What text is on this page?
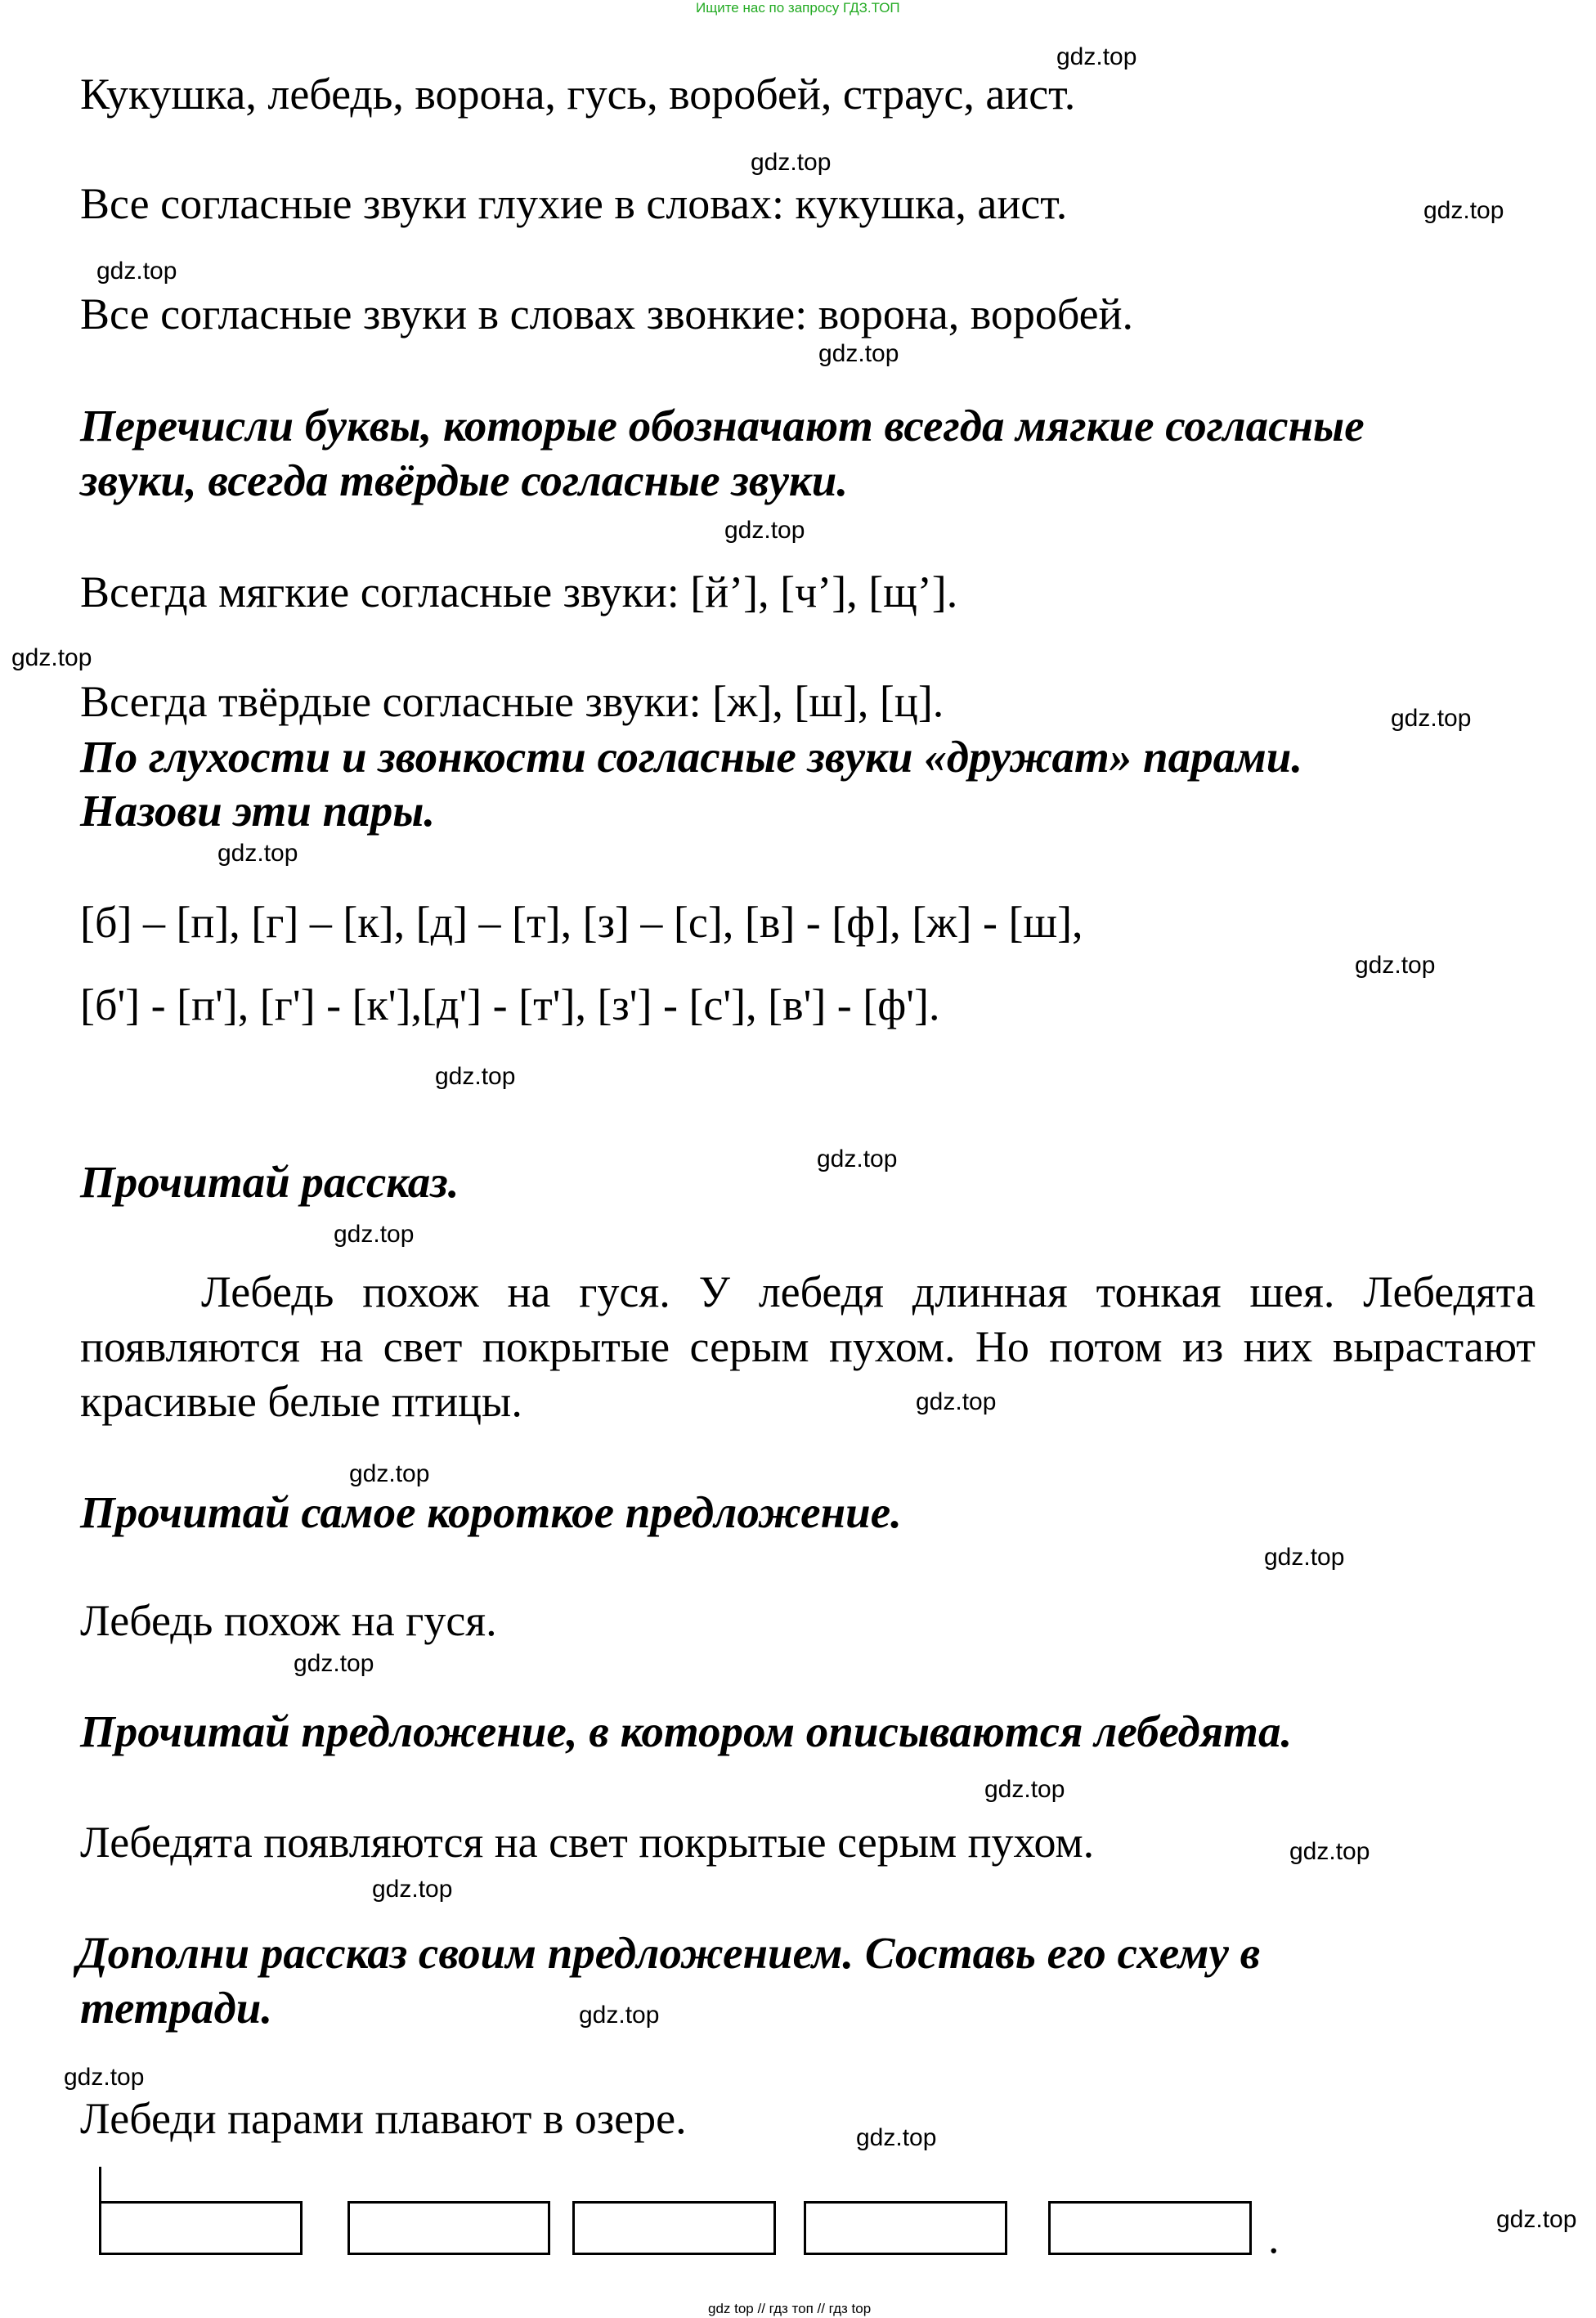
Ищите нас по запросу ГДЗ.ТОП
Кукушка, лебедь, ворона, гусь, воробей, страус, аист.
Все согласные звуки глухие в словах: кукушка, аист.
Все согласные звуки в словах звонкие: ворона, воробей.
Перечисли буквы, которые обозначают всегда мягкие согласные
звуки, всегда твёрдые согласные звуки.
Всегда мягкие согласные звуки: [й’], [ч’], [щ’].
Всегда твёрдые согласные звуки: [ж], [ш], [ц].
По глухости и звонкости согласные звуки «дружат» парами.
Назови эти пары.
[б] – [п], [г] – [к], [д] – [т], [з] – [с], [в] - [ф], [ж] - [ш],
[б'] - [п'], [г'] - [к'],[д'] - [т'], [з'] - [с'], [в'] - [ф'].
Прочитай рассказ.

Лебедь похож на гуся. У лебедя длинная тонкая шея. Лебедята появляются на свет покрытые серым пухом. Но потом из них вырастают красивые белые птицы.

Прочитай самое короткое предложение.
Лебедь похож на гуся.
Прочитай предложение, в котором описываются лебедята.
Лебедята появляются на свет покрытые серым пухом.
Дополни рассказ своим предложением. Составь его схему в
тетради.
Лебеди парами плавают в озере.
.
gdz.top
gdz.top
gdz.top
gdz.top
gdz.top
gdz.top
gdz.top
gdz.top
gdz.top
gdz.top
gdz.top
gdz.top
gdz.top
gdz.top
gdz.top
gdz.top
gdz.top
gdz.top
gdz.top
gdz.top
gdz.top
gdz.top
gdz.top
gdz.top
gdz top // гдз топ // гдз top
